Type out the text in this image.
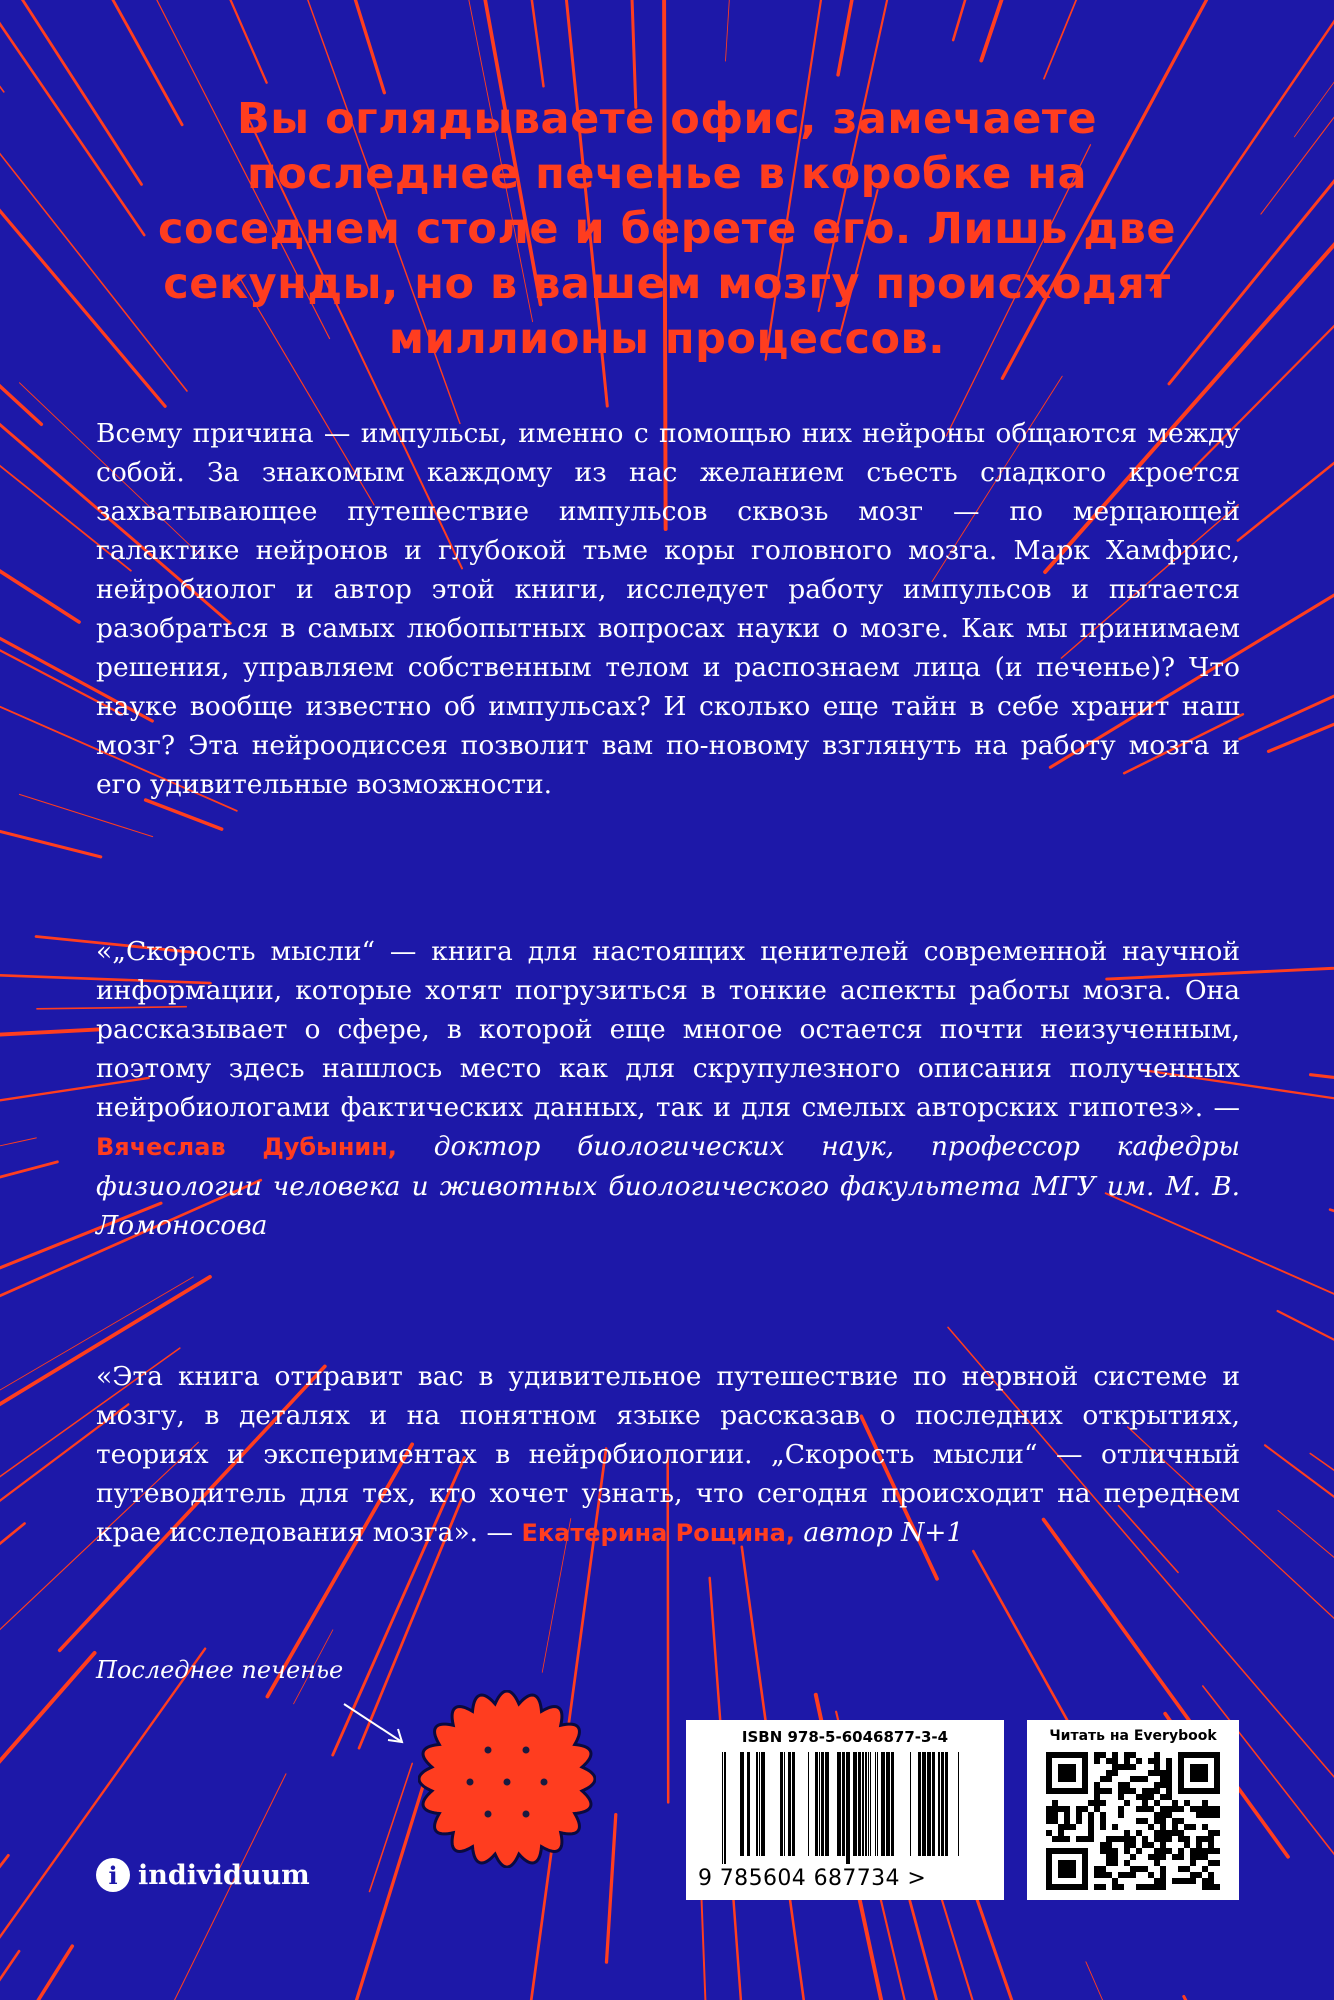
Вы оглядываете офис, замечаете последнее печенье в коробке на соседнем столе и берете его. Лишь две секунды, но в вашем мозгу происходят миллионы процессов.

Всему причина — импульсы, именно с помощью них нейроны общаются между собой. За знакомым каждому из нас желанием съесть сладкого кроется захватывающее путешествие импульсов сквозь мозг — по мерцающей галактике нейронов и глубокой тьме коры головного мозга. Марк Хамфрис, нейробиолог и автор этой книги, исследует работу импульсов и пытается разобраться в самых любопытных вопросах науки о мозге. Как мы принимаем решения, управляем собственным телом и распознаем лица (и печенье)? Что науке вообще известно об импульсах? И сколько еще тайн в себе хранит наш мозг? Эта нейроодиссея позволит вам по-новому взглянуть на работу мозга и его удивительные возможности.

«„Скорость мысли“ — книга для настоящих ценителей современной научной информации, которые хотят погрузиться в тонкие аспекты работы мозга. Она рассказывает о сфере, в которой еще многое остается почти неизученным, поэтому здесь нашлось место как для скрупулезного описания полученных нейробиологами фактических данных, так и для смелых авторских гипотез». — Вячеслав Дубынин, доктор биологических наук, профессор кафедры физиологии человека и животных биологического факультета МГУ им. М. В. Ломоносова

«Эта книга отправит вас в удивительное путешествие по нервной системе и мозгу, в деталях и на понятном языке рассказав о последних открытиях, теориях и экспериментах в нейробиологии. „Скорость мысли“ — отличный путеводитель для тех, кто хочет узнать, что сегодня происходит на переднем крае исследования мозга». — Екатерина Рощина, автор N+1

Последнее печенье

i individuum
ISBN 978-5-6046877-3-4
9 785604 687734 >
Читать на Everybook
